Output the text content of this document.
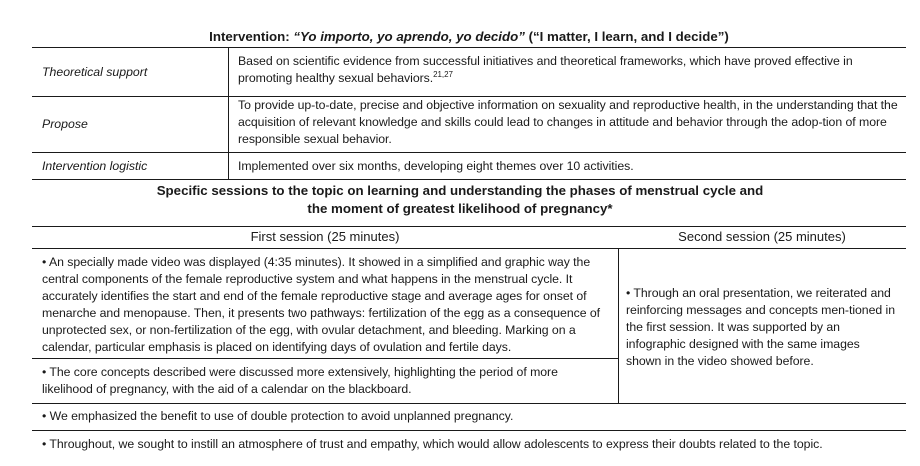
Intervention: “Yo importo, yo aprendo, yo decido” (“I matter, I learn, and I decide”)
Theoretical support
Based on scientific evidence from successful initiatives and theoretical frameworks, which have proved effective in promoting healthy sexual behaviors.$^{21,27}$
Propose
To provide up-to-date, precise and objective information on sexuality and reproductive health, in the understanding that the acquisition of relevant knowledge and skills could lead to changes in attitude and behavior through the adop-tion of more responsible sexual behavior.
Intervention logistic	Implemented over six months, developing eight themes over 10 activities.
Specific sessions to the topic on learning and understanding the phases of menstrual cycle and the moment of greatest likelihood of pregnancy*
First session (25 minutes)	Second session (25 minutes)
• An specially made video was displayed (4:35 minutes). It showed in a simplified and graphic way the central components of the female reproductive system and what happens in the menstrual cycle. It accurately identifies the start and end of the female reproductive stage and average ages for onset of menarche and menopause. Then, it presents two pathways: fertilization of the egg as a consequence of unprotected sex, or non-fertilization of the egg, with ovular detachment, and bleeding. Marking on a calendar, particular emphasis is placed on identifying days of ovulation and fertile days.
• The core concepts described were discussed more extensively, highlighting the period of more likelihood of pregnancy, with the aid of a calendar on the blackboard.
• Through an oral presentation, we reiterated and reinforcing messages and concepts men-tioned in the first session. It was supported by an infographic designed with the same images shown in the video showed before.
• We emphasized the benefit to use of double protection to avoid unplanned pregnancy.
• Throughout, we sought to instill an atmosphere of trust and empathy, which would allow adolescents to express their doubts related to the topic.
